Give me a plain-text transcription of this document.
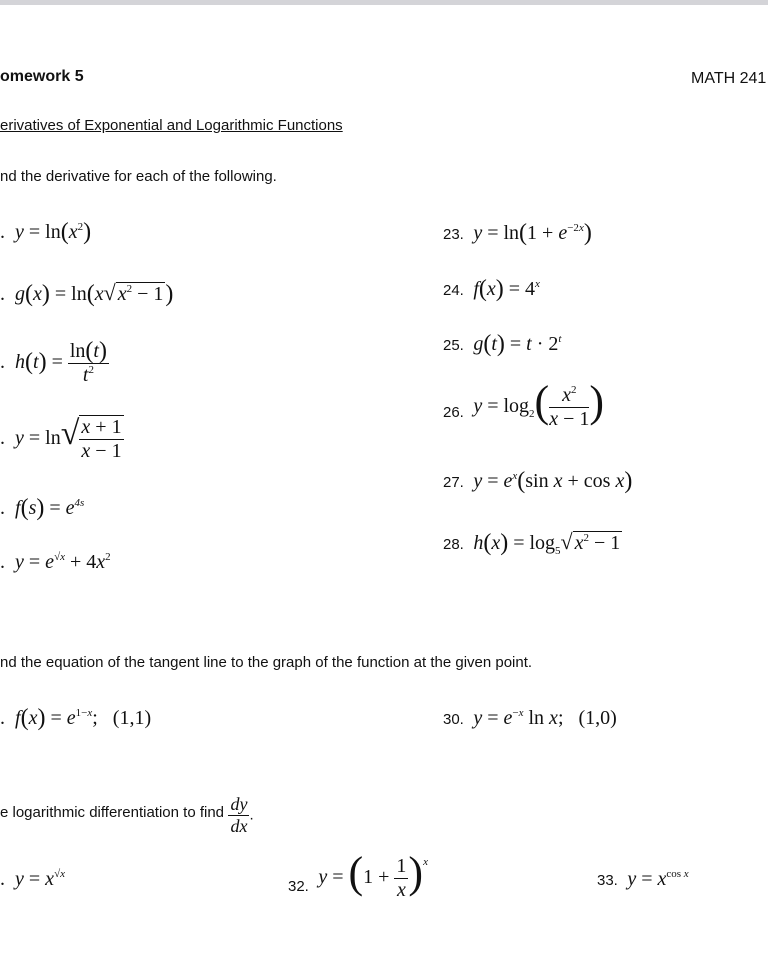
omework 5	MATH 241
erivatives of Exponential and Logarithmic Functions
nd the derivative for each of the following.
.  $y = \ln(x^2)$
.  g(x) = ln(x√ $x^2 - 1$)
.  $h(t) = \frac{\ln(t)}{t^2}$
.  $y = \ln√ \frac{x + 1}{x - 1}$
.  $f(s) = e^{4s}$
.  $y = e^{√x} + 4x^2$
23.  $y = \ln(1 + e^{-2x})$
24.  $f(x) = 4^x$
25.  $g(t) = t \cdot 2^t$
26.  $y = \log_2( \frac{x^2}{x - 1}$ )
27.  $y = e^x(\sin$ x + cos x)
28.  $h(x) = \log_5√$ $x^2 - 1$
nd the equation of the tangent line to the graph of the function at the given point.
.  $f(x) = e^{1-x}$;   (1,1)	30.  $y = e^{-x}$ ln x;   (1,0)
e logarithmic differentiation to find $\frac{dy}{dx}$ .
.  $y = x^{√x}$
32.  $y = (1 + \frac{1}{x} )^x$
33.  $y = x^{cos x}$
